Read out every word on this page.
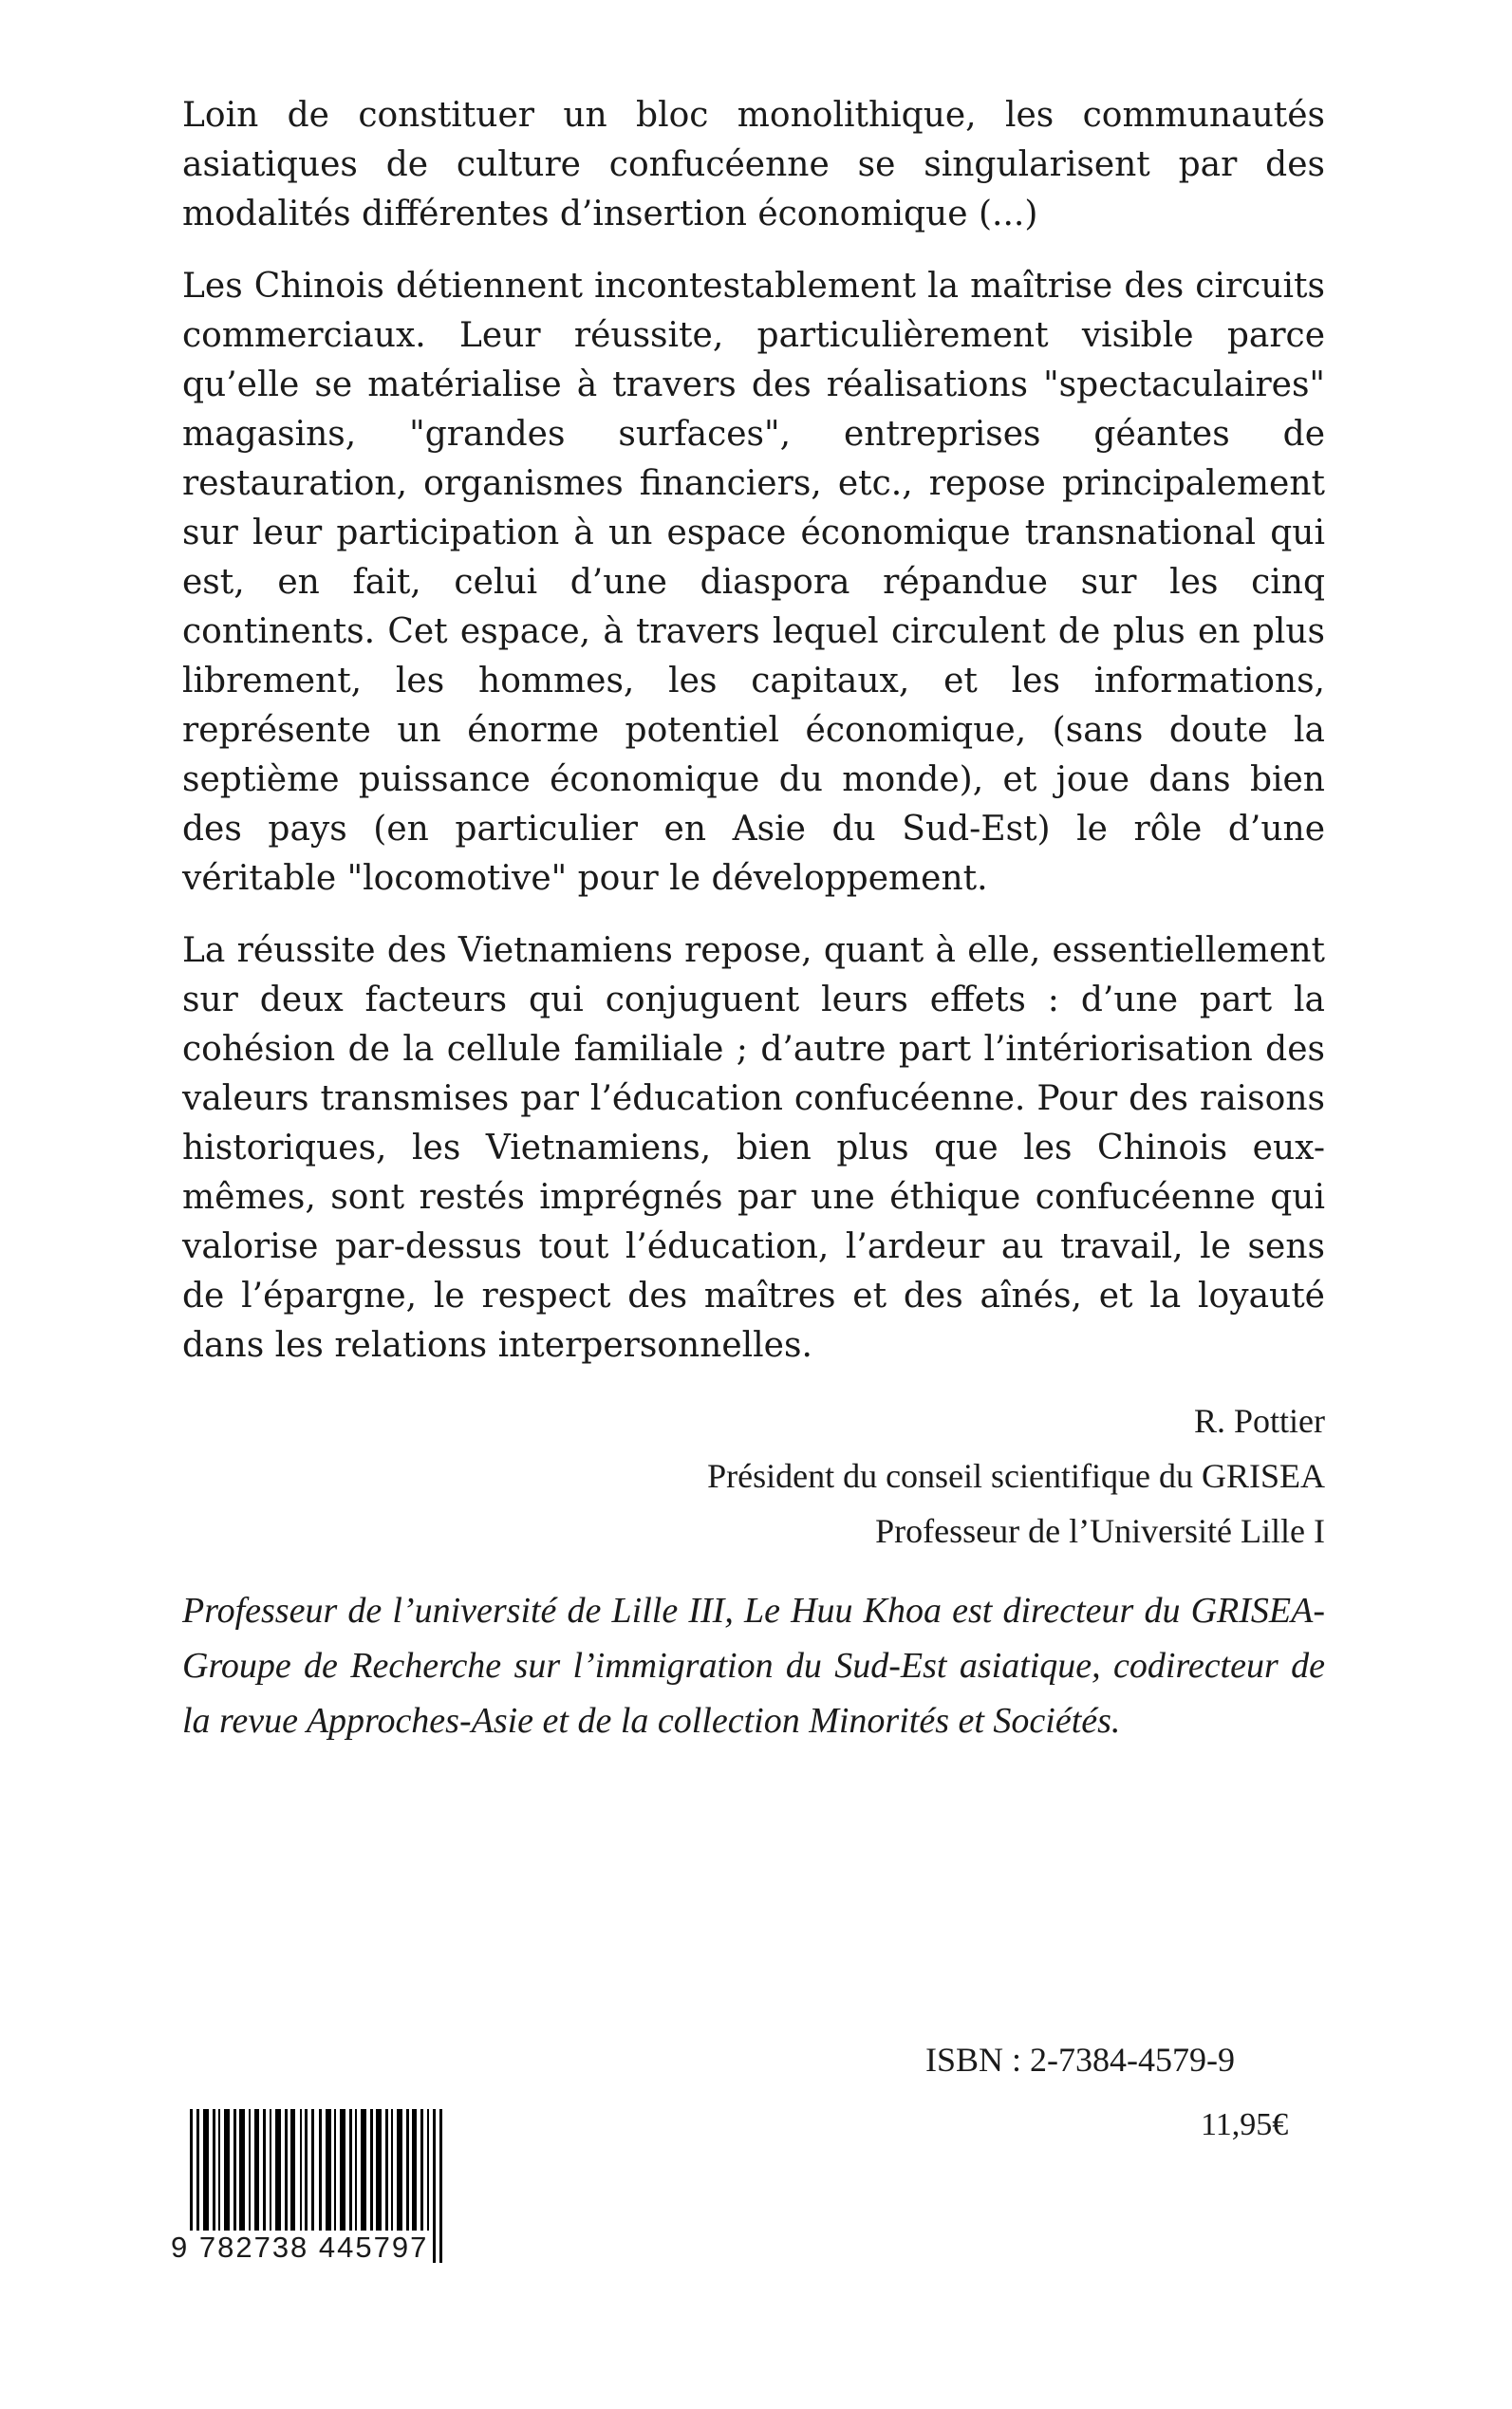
Loin de constituer un bloc monolithique, les communautés asiatiques de culture confucéenne se singularisent par des modalités différentes d’insertion économique (...)

Les Chinois détiennent incontestablement la maîtrise des circuits commerciaux. Leur réussite, particulièrement visible parce qu’elle se matérialise à travers des réalisations "spectaculaires" magasins, "grandes surfaces", entreprises géantes de restauration, organismes financiers, etc., repose principalement sur leur participation à un espace économique transnational qui est, en fait, celui d’une diaspora répandue sur les cinq continents. Cet espace, à travers lequel circulent de plus en plus librement, les hommes, les capitaux, et les informations, représente un énorme potentiel économique, (sans doute la septième puissance économique du monde), et joue dans bien des pays (en particulier en Asie du Sud-Est) le rôle d’une véritable "locomotive" pour le développement.

La réussite des Vietnamiens repose, quant à elle, essentiellement sur deux facteurs qui conjuguent leurs effets : d’une part la cohésion de la cellule familiale ; d’autre part l’intériorisation des valeurs transmises par l’éducation confucéenne. Pour des raisons historiques, les Vietnamiens, bien plus que les Chinois eux-mêmes, sont restés imprégnés par une éthique confucéenne qui valorise par-dessus tout l’éducation, l’ardeur au travail, le sens de l’épargne, le respect des maîtres et des aînés, et la loyauté dans les relations interpersonnelles.

R. Pottier
Président du conseil scientifique du GRISEA
Professeur de l’Université Lille I

Professeur de l’université de Lille III, Le Huu Khoa est directeur du GRISEA-Groupe de Recherche sur l’immigration du Sud-Est asiatique, codirecteur de la revue Approches-Asie et de la collection Minorités et Sociétés.

ISBN : 2-7384-4579-9
11,95€
9 782738 445797
